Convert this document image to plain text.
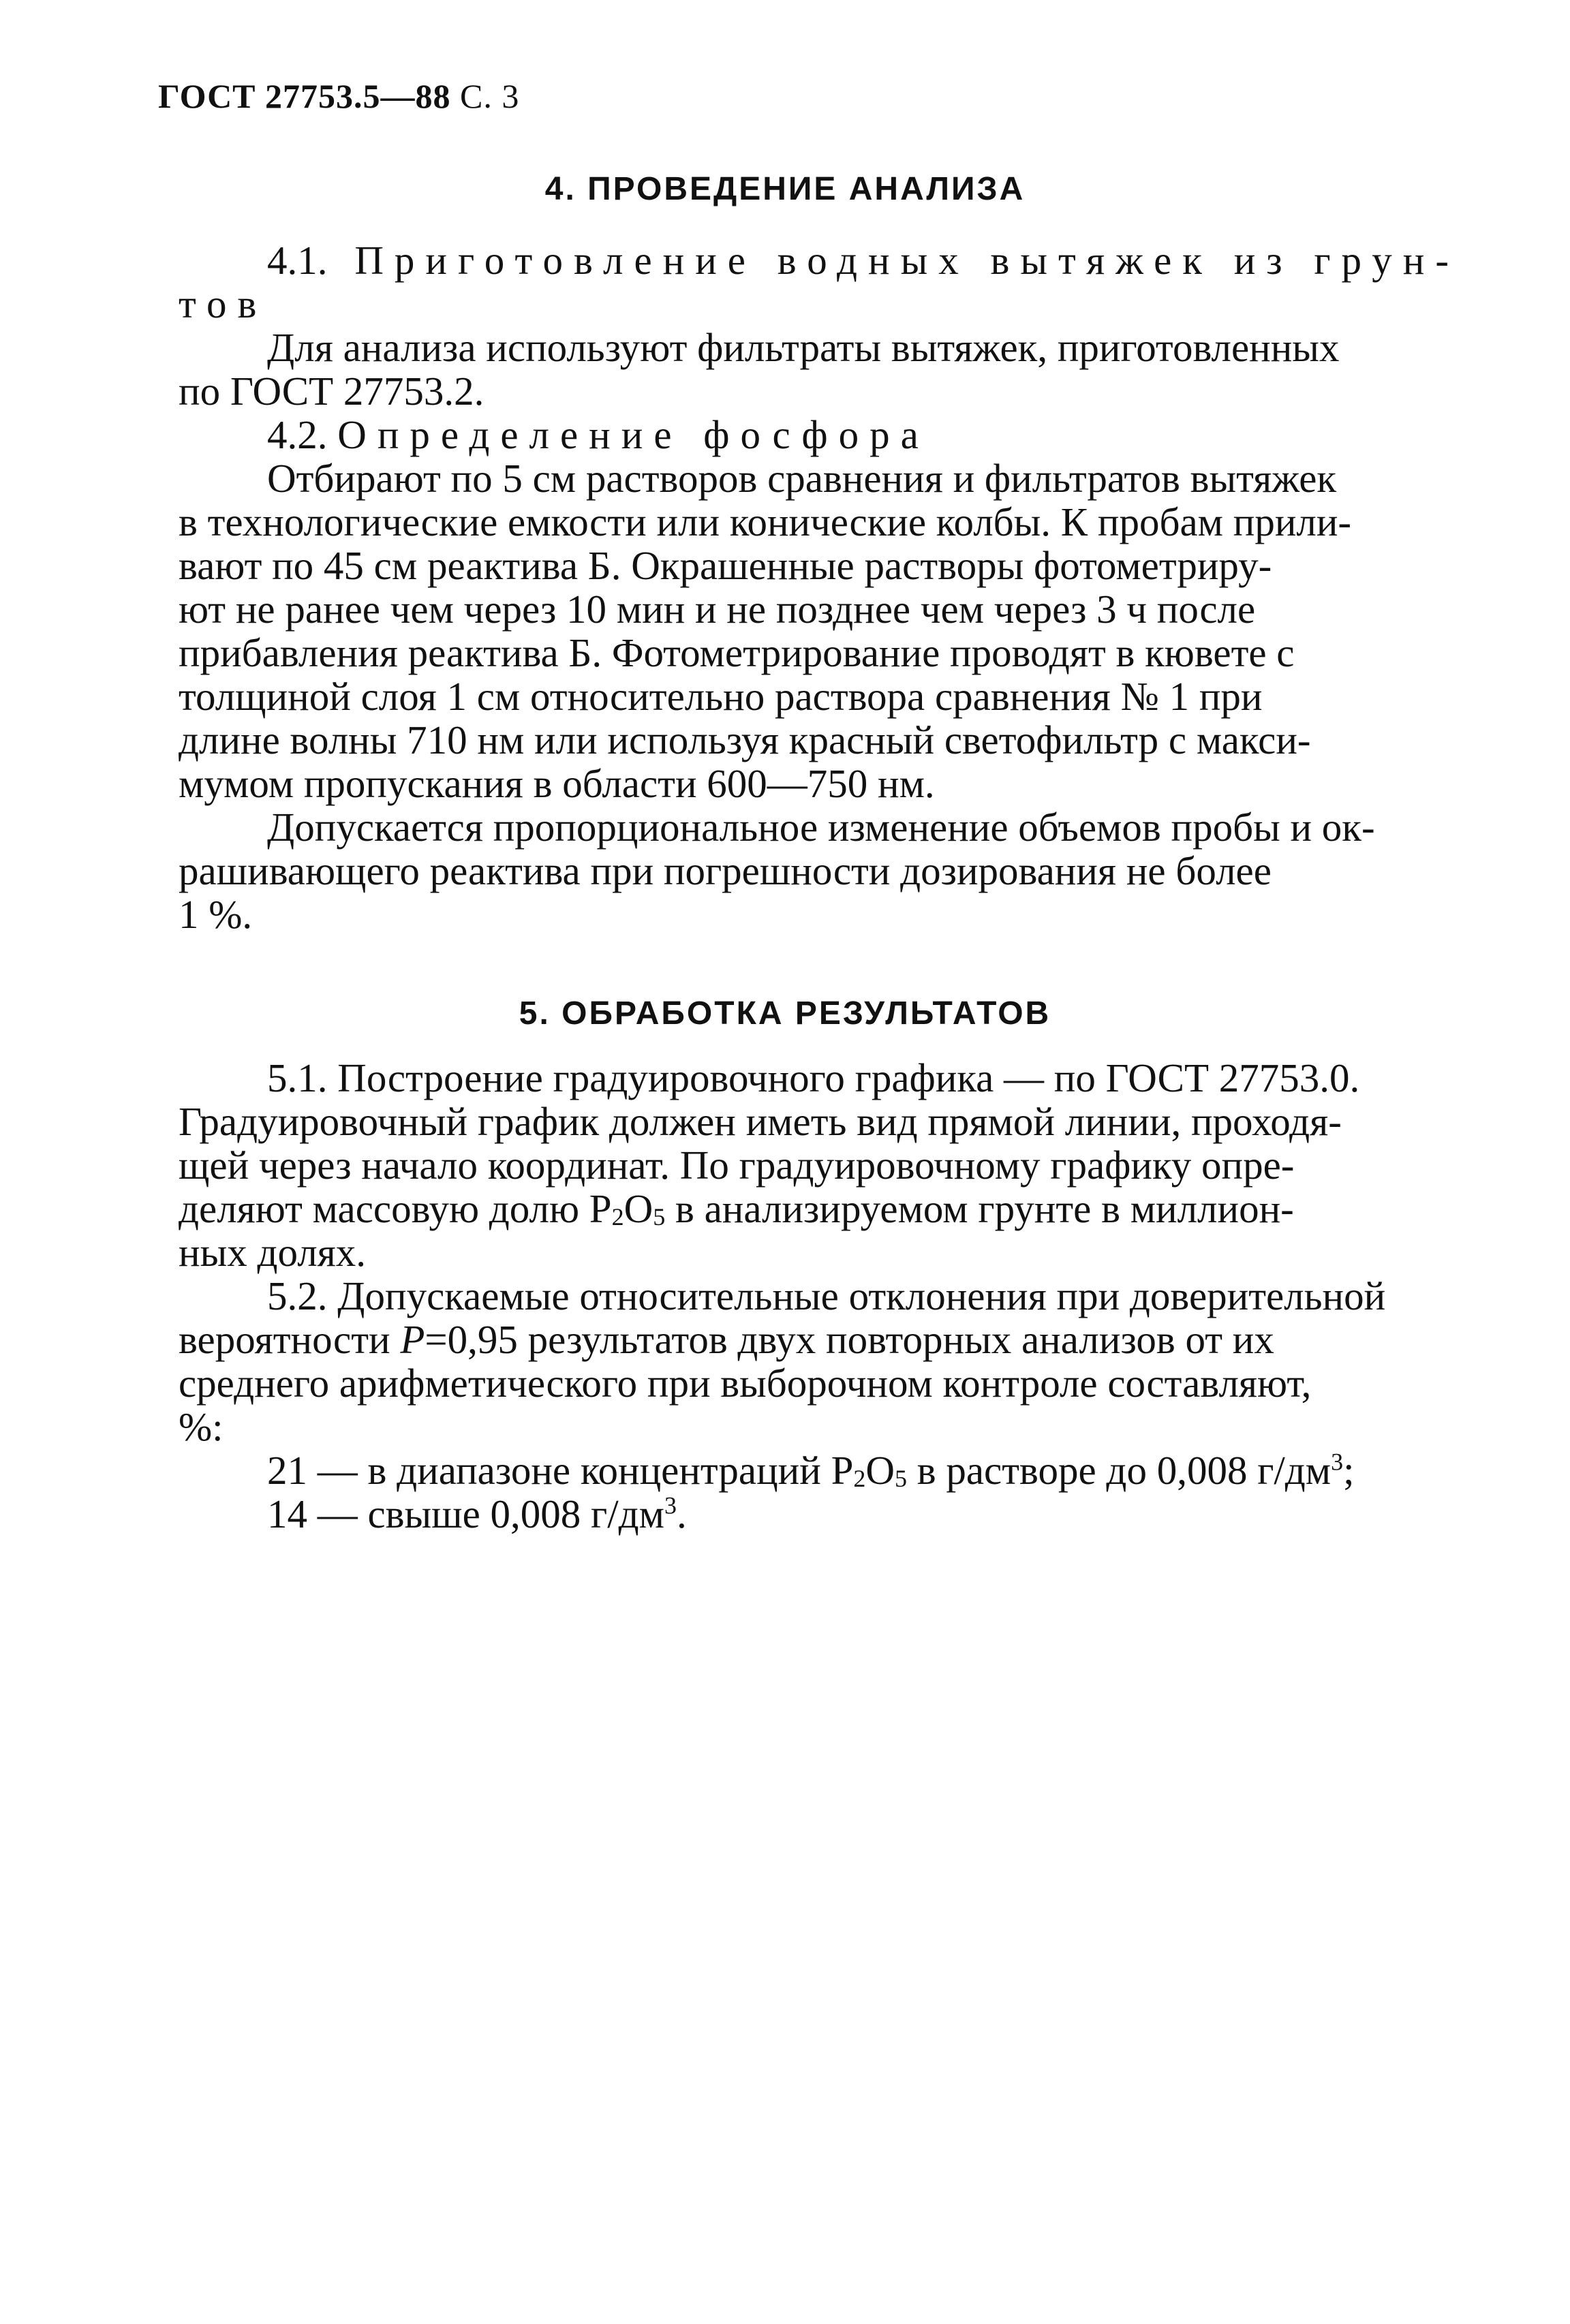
ГОСТ 27753.5—88 С. 3
4. ПРОВЕДЕНИЕ АНАЛИЗА
4.1. Приготовление водных вытяжек из грун-
тов
Для анализа используют фильтраты вытяжек, приготовленных
по ГОСТ 27753.2.
4.2. Определение фосфора
Отбирают по 5 см растворов сравнения и фильтратов вытяжек
в технологические емкости или конические колбы. К пробам прили-
вают по 45 см реактива Б. Окрашенные растворы фотометриру-
ют не ранее чем через 10 мин и не позднее чем через 3 ч после
прибавления реактива Б. Фотометрирование проводят в кювете с
толщиной слоя 1 см относительно раствора сравнения № 1 при
длине волны 710 нм или используя красный светофильтр с макси-
мумом пропускания в области 600—750 нм.
Допускается пропорциональное изменение объемов пробы и ок-
рашивающего реактива при погрешности дозирования не более
1 %.
5. ОБРАБОТКА РЕЗУЛЬТАТОВ
5.1. Построение градуировочного графика — по ГОСТ 27753.0.
Градуировочный график должен иметь вид прямой линии, проходя-
щей через начало координат. По градуировочному графику опре-
деляют массовую долю $P_2O_5$ в анализируемом грунте в миллион-
ных долях.
5.2. Допускаемые относительные отклонения при доверительной
вероятности P=0,95 результатов двух повторных анализов от их
среднего арифметического при выборочном контроле составляют,
%:
21 — в диапазоне концентраций $P_2O_5$ в растворе до 0,008 $г/дм^3$;
14 — свыше 0,008 $г/дм^3$.
